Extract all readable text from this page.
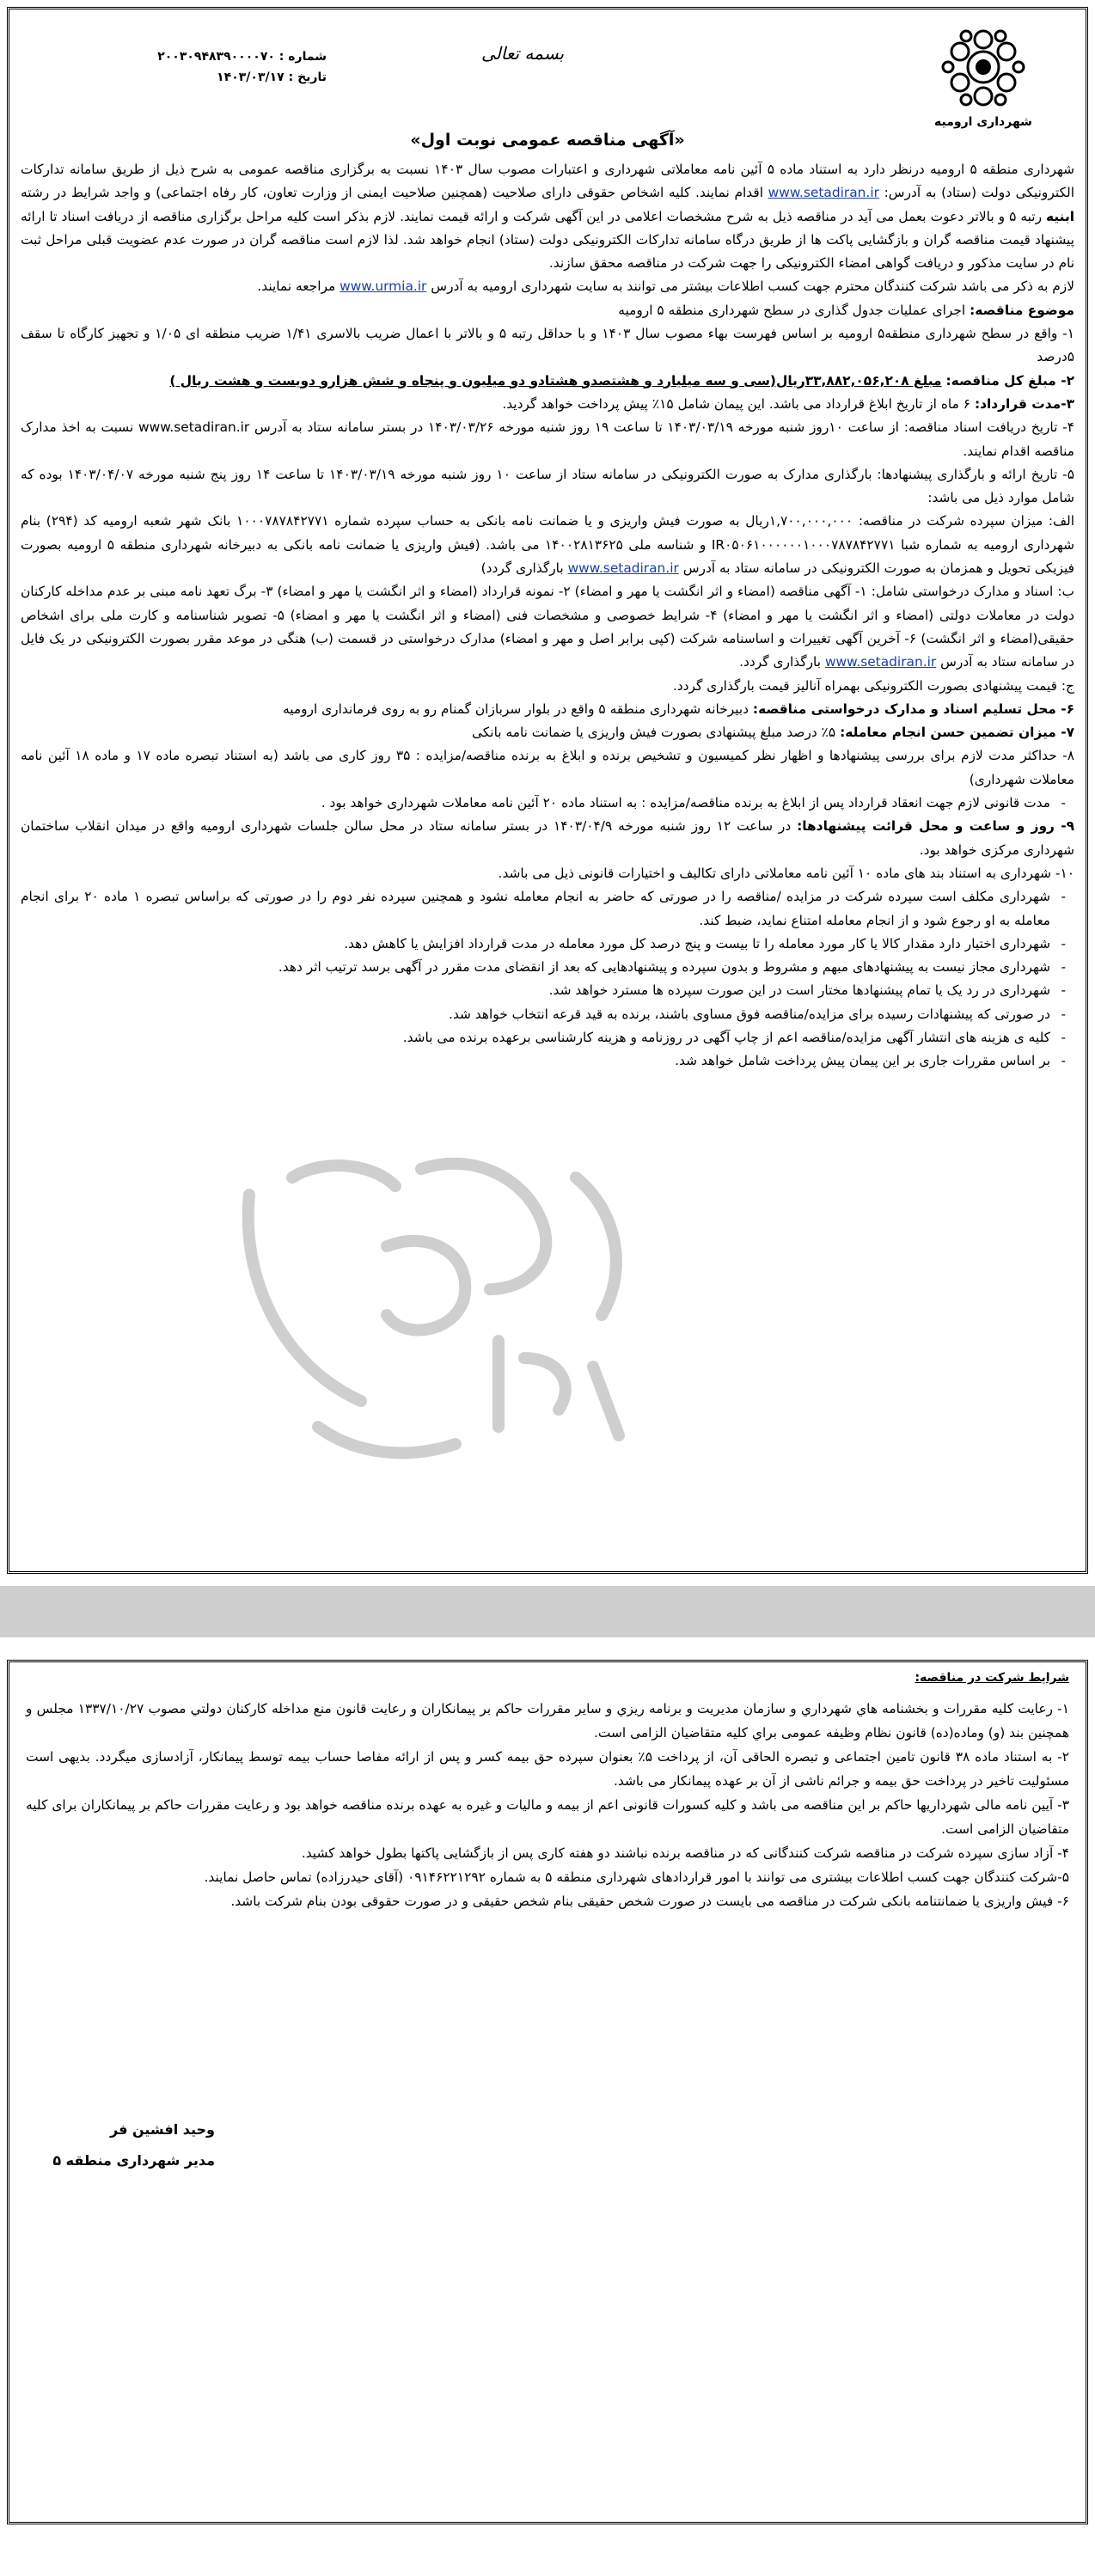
شهرداری ارومیه
بسمه تعالی
شماره : ۲۰۰۳۰۹۴۸۳۹۰۰۰۰۷۰
تاریخ : ۱۴۰۳/۰۳/۱۷
«آگهی مناقصه عمومی نوبت اول»

شهرداری منطقه ۵ ارومیه درنظر دارد به استناد ماده ۵ آئین نامه معاملاتی شهرداری و اعتبارات مصوب سال ۱۴۰۳ نسبت به برگزاری مناقصه عمومی به شرح ذیل از طریق سامانه تدارکات الکترونیکی دولت (ستاد) به آدرس: www.setadiran.ir اقدام نمایند. کلیه اشخاص حقوقی دارای صلاحیت (همچنین صلاحیت ایمنی از وزارت تعاون، کار رفاه اجتماعی) و واجد شرایط در رشته ابنیه رتبه ۵ و بالاتر دعوت بعمل می آید در مناقصه ذیل به شرح مشخصات اعلامی در این آگهی شرکت و ارائه قیمت نمایند. لازم بذکر است کلیه مراحل برگزاری مناقصه از دریافت اسناد تا ارائه پیشنهاد قیمت مناقصه گران و بازگشایی پاکت ها از طریق درگاه سامانه تدارکات الکترونیکی دولت (ستاد) انجام خواهد شد. لذا لازم است مناقصه گران در صورت عدم عضویت قبلی مراحل ثبت نام در سایت مذکور و دریافت گواهی امضاء الکترونیکی را جهت شرکت در مناقصه محقق سازند.

لازم به ذکر می باشد شرکت کنندگان محترم جهت کسب اطلاعات بیشتر می توانند به سایت شهرداری ارومیه به آدرس www.urmia.ir مراجعه نمایند.

موضوع مناقصه: اجرای عملیات جدول گذاری در سطح شهرداری منطقه ۵ ارومیه

۱- واقع در سطح شهرداری منطقه۵ ارومیه بر اساس فهرست بهاء مصوب سال ۱۴۰۳ و با حداقل رتبه ۵ و بالاتر با اعمال ضریب بالاسری ۱/۴۱ ضریب منطقه ای ۱/۰۵ و تجهیز کارگاه تا سقف ۵درصد

۲- مبلغ کل مناقصه: مبلغ ۳۳,۸۸۲,۰۵۶,۲۰۸ریال(سی و سه میلیارد و هشتصدو هشتادو دو میلیون و پنجاه و شش هزارو دویست و هشت ریال )

۳-مدت قرارداد: ۶ ماه از تاریخ ابلاغ قرارداد می باشد. این پیمان شامل ۱۵٪ پیش پرداخت خواهد گردید.

۴- تاریخ دریافت اسناد مناقصه: از ساعت ۱۰روز شنبه مورخه ۱۴۰۳/۰۳/۱۹ تا ساعت ۱۹ روز شنبه مورخه ۱۴۰۳/۰۳/۲۶ در بستر سامانه ستاد به آدرس www.setadiran.ir نسبت به اخذ مدارک مناقصه اقدام نمایند.

۵- تاریخ ارائه و بارگذاری پیشنهادها: بارگذاری مدارک به صورت الکترونیکی در سامانه ستاد از ساعت ۱۰ روز شنبه مورخه ۱۴۰۳/۰۳/۱۹ تا ساعت ۱۴ روز پنج شنبه مورخه ۱۴۰۳/۰۴/۰۷ بوده که شامل موارد ذیل می باشد:

الف: میزان سپرده شرکت در مناقصه: ۱,۷۰۰,۰۰۰,۰۰۰ریال به صورت فیش واریزی و یا ضمانت نامه بانکی به حساب سپرده شماره ۱۰۰۰۷۸۷۸۴۲۷۷۱ بانک شهر شعبه ارومیه کد (۲۹۴) بنام شهرداری ارومیه به شماره شبا IR۰۵۰۶۱۰۰۰۰۰۰۱۰۰۰۷۸۷۸۴۲۷۷۱ و شناسه ملی ۱۴۰۰۲۸۱۳۶۲۵ می باشد. (فیش واریزی یا ضمانت نامه بانکی به دبیرخانه شهرداری منطقه ۵ ارومیه بصورت فیزیکی تحویل و همزمان به صورت الکترونیکی در سامانه ستاد به آدرس www.setadiran.ir بارگذاری گردد)

ب: اسناد و مدارک درخواستی شامل: ۱- آگهی مناقصه (امضاء و اثر انگشت یا مهر و امضاء) ۲- نمونه قرارداد (امضاء و اثر انگشت یا مهر و امضاء) ۳- برگ تعهد نامه مبنی بر عدم مداخله کارکنان دولت در معاملات دولتی (امضاء و اثر انگشت یا مهر و امضاء) ۴- شرایط خصوصی و مشخصات فنی (امضاء و اثر انگشت یا مهر و امضاء) ۵- تصویر شناسنامه و کارت ملی برای اشخاص حقیقی(امضاء و اثر انگشت) ۶- آخرین آگهی تغییرات و اساسنامه شرکت (کپی برابر اصل و مهر و امضاء) مدارک درخواستی در قسمت (ب) هنگی در موعد مقرر بصورت الکترونیکی در یک فایل در سامانه ستاد به آدرس www.setadiran.ir بارگذاری گردد.

ج: قیمت پیشنهادی بصورت الکترونیکی بهمراه آنالیز قیمت بارگذاری گردد.

۶- محل تسلیم اسناد و مدارک درخواستی مناقصه: دبیرخانه شهرداری منطقه ۵ واقع در بلوار سربازان گمنام رو به روی فرمانداری ارومیه

۷- میزان تضمین حسن انجام معامله: ۵٪ درصد مبلغ پیشنهادی بصورت فیش واریزی یا ضمانت نامه بانکی

۸- حداکثر مدت لازم برای بررسی پیشنهادها و اظهار نظر کمیسیون و تشخیص برنده و ابلاغ به برنده مناقصه/مزایده : ۳۵ روز کاری می باشد (به استناد تبصره ماده ۱۷ و ماده ۱۸ آئین نامه معاملات شهرداری)

- مدت قانونی لازم جهت انعقاد قرارداد پس از ابلاغ به برنده مناقصه/مزایده : به استناد ماده ۲۰ آئین نامه معاملات شهرداری خواهد بود .

۹- روز و ساعت و محل قرائت پیشنهادها: در ساعت ۱۲ روز شنبه مورخه ۱۴۰۳/۰۴/۹ در بستر سامانه ستاد در محل سالن جلسات شهرداری ارومیه واقع در میدان انقلاب ساختمان شهرداری مرکزی خواهد بود.

۱۰- شهرداری به استناد بند های ماده ۱۰ آئین نامه معاملاتی دارای تکالیف و اختیارات قانونی ذیل می باشد.

- شهرداری مکلف است سپرده شرکت در مزایده /مناقصه را در صورتی که حاضر به انجام معامله نشود و همچنین سپرده نفر دوم را در صورتی که براساس تبصره ۱ ماده ۲۰ برای انجام معامله به او رجوع شود و از انجام معامله امتناع نماید، ضبط کند.
- شهرداری اختیار دارد مقدار کالا یا کار مورد معامله را تا بیست و پنج درصد کل مورد معامله در مدت قرارداد افزایش یا کاهش دهد.
- شهرداری مجاز نیست به پیشنهادهای مبهم و مشروط و بدون سپرده و پیشنهادهایی که بعد از انقضای مدت مقرر در آگهی برسد ترتیب اثر دهد.
- شهرداری در رد یک یا تمام پیشنهادها مختار است در این صورت سپرده ها مسترد خواهد شد.
- در صورتی که پیشنهادات رسیده برای مزایده/مناقصه فوق مساوی باشند، برنده به قید قرعه انتخاب خواهد شد.
- کلیه ی هزینه های انتشار آگهی مزایده/مناقصه اعم از چاپ آگهی در روزنامه و هزینه کارشناسی برعهده برنده می باشد.
- بر اساس مقررات جاری بر این پیمان پیش پرداخت شامل خواهد شد.
شرایط شرکت در مناقصه:

۱- رعایت کلیه مقررات و بخشنامه هاي شهرداري و سازمان مديريت و برنامه ريزي و ساير مقررات حاكم بر پيمانكاران و رعايت قانون منع مداخله كاركنان دولتي مصوب ۱۳۳۷/۱۰/۲۷ مجلس و همچنین بند (و) وماده(ده) قانون نظام وظیفه عمومی براي كليه متقاضيان الزامی است.

۲- به استناد ماده ۳۸ قانون تامین اجتماعی و تبصره الحاقی آن، از پرداخت ۵٪ بعنوان سپرده حق بیمه کسر و پس از ارائه مفاصا حساب بیمه توسط پیمانکار، آزادسازی میگردد. بدیهی است مسئولیت تاخیر در پرداخت حق بیمه و جرائم ناشی از آن بر عهده پیمانکار می باشد.

۳- آیین نامه مالی شهرداریها حاکم بر این مناقصه می باشد و کلیه کسورات قانونی اعم از بیمه و مالیات و غیره به عهده برنده مناقصه خواهد بود و رعایت مقررات حاکم بر پیمانکاران برای کلیه متقاضیان الزامی است.

۴- آزاد سازی سپرده شرکت در مناقصه شرکت کنندگانی که در مناقصه برنده نباشند دو هفته کاری پس از بازگشایی پاکتها بطول خواهد کشید.

۵-شرکت کنندگان جهت کسب اطلاعات بیشتری می توانند با امور قراردادهای شهرداری منطقه ۵ به شماره ۰۹۱۴۶۲۲۱۲۹۲ (آقای حیدرزاده) تماس حاصل نمایند.

۶- فیش واریزی یا ضمانتنامه بانکی شرکت در مناقصه می بایست در صورت شخص حقیقی بنام شخص حقیقی و در صورت حقوقی بودن بنام شرکت باشد.

وحید افشین فر
مدیر شهرداری منطقه ۵
